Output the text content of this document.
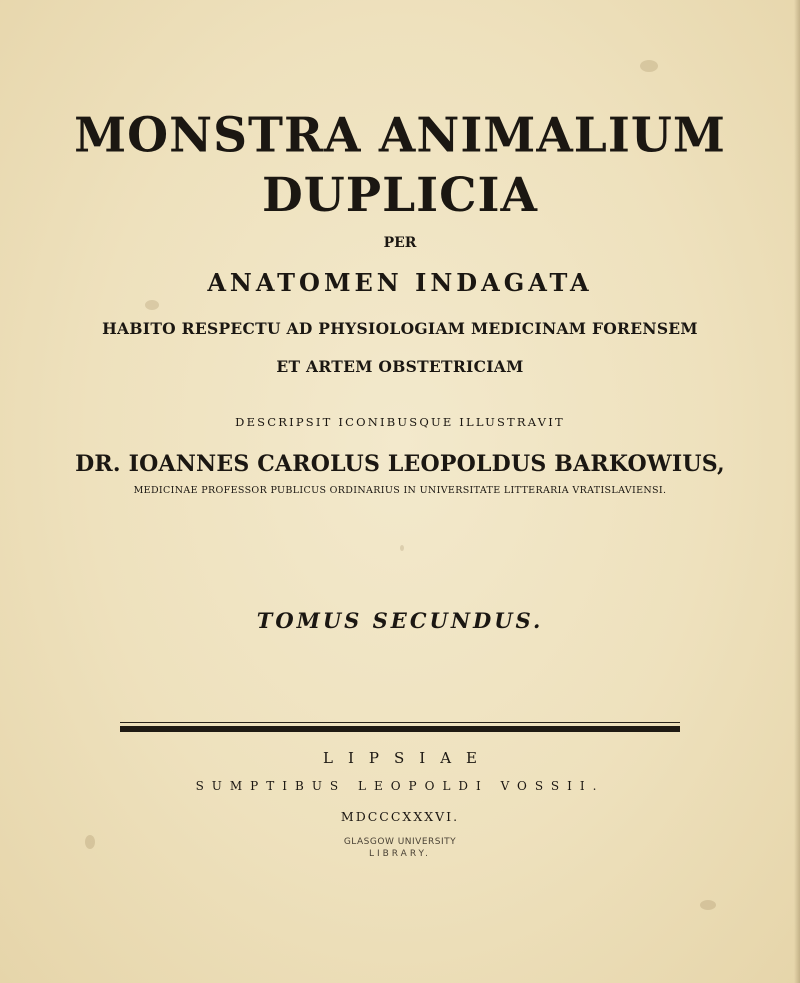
MONSTRA ANIMALIUM
DUPLICIA
PER
ANATOMEN INDAGATA
HABITO RESPECTU AD PHYSIOLOGIAM MEDICINAM FORENSEM
ET ARTEM OBSTETRICIAM
DESCRIPSIT ICONIBUSQUE ILLUSTRAVIT
DR. IOANNES CAROLUS LEOPOLDUS BARKOWIUS,
MEDICINAE PROFESSOR PUBLICUS ORDINARIUS IN UNIVERSITATE LITTERARIA VRATISLAVIENSI.
TOMUS SECUNDUS.
LIPSIAE
SUMPTIBUS LEOPOLDI VOSSII.
MDCCCXXXVI.
GLASGOW UNIVERSITY
LIBRARY.
